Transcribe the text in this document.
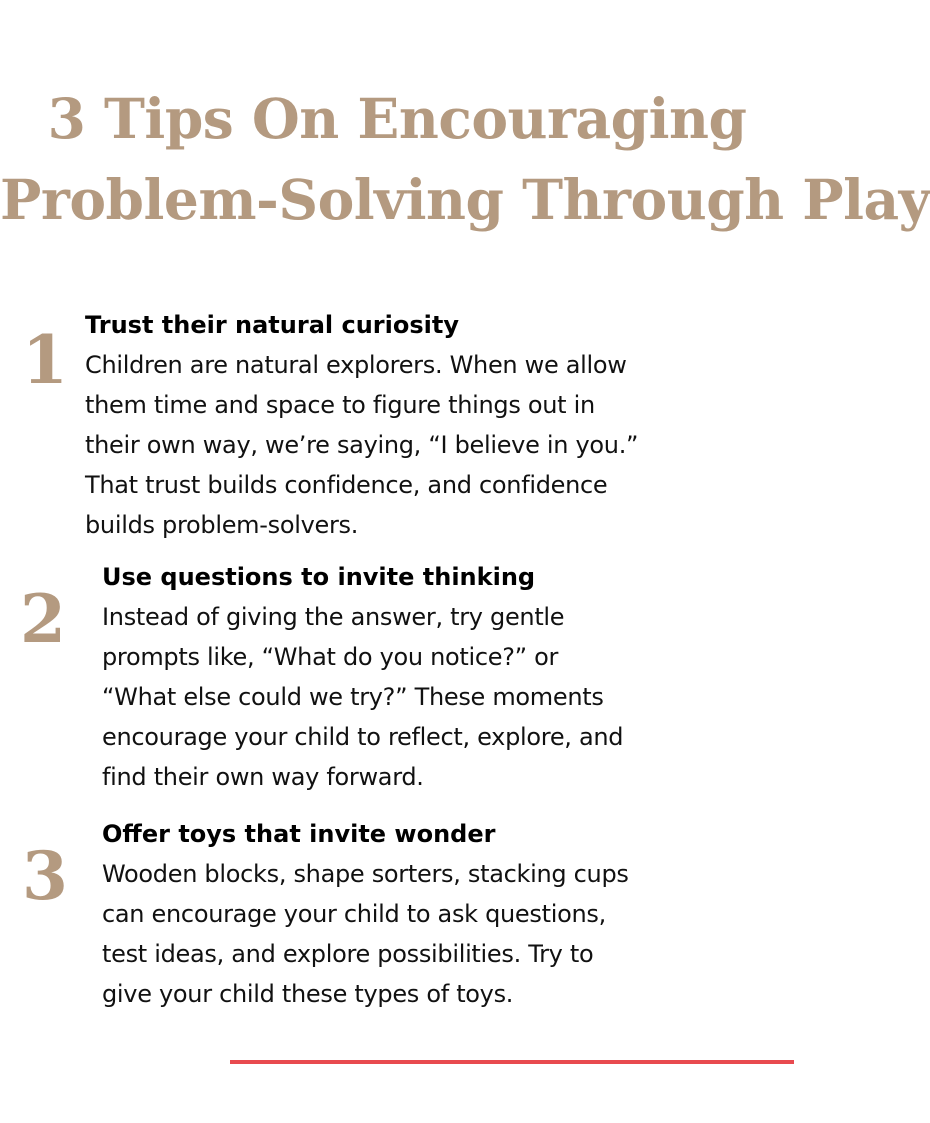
3 Tips On Encouraging
Problem-Solving Through Play
1 Trust their natural curiosity
Children are natural explorers. When we allow
them time and space to figure things out in
their own way, we’re saying, “I believe in you.”
That trust builds confidence, and confidence
builds problem-solvers.
2
Use questions to invite thinking
Instead of giving the answer, try gentle
prompts like, “What do you notice?” or
“What else could we try?” These moments
encourage your child to reflect, explore, and
find their own way forward.
3
Offer toys that invite wonder
Wooden blocks, shape sorters, stacking cups
can encourage your child to ask questions,
test ideas, and explore possibilities. Try to
give your child these types of toys.
